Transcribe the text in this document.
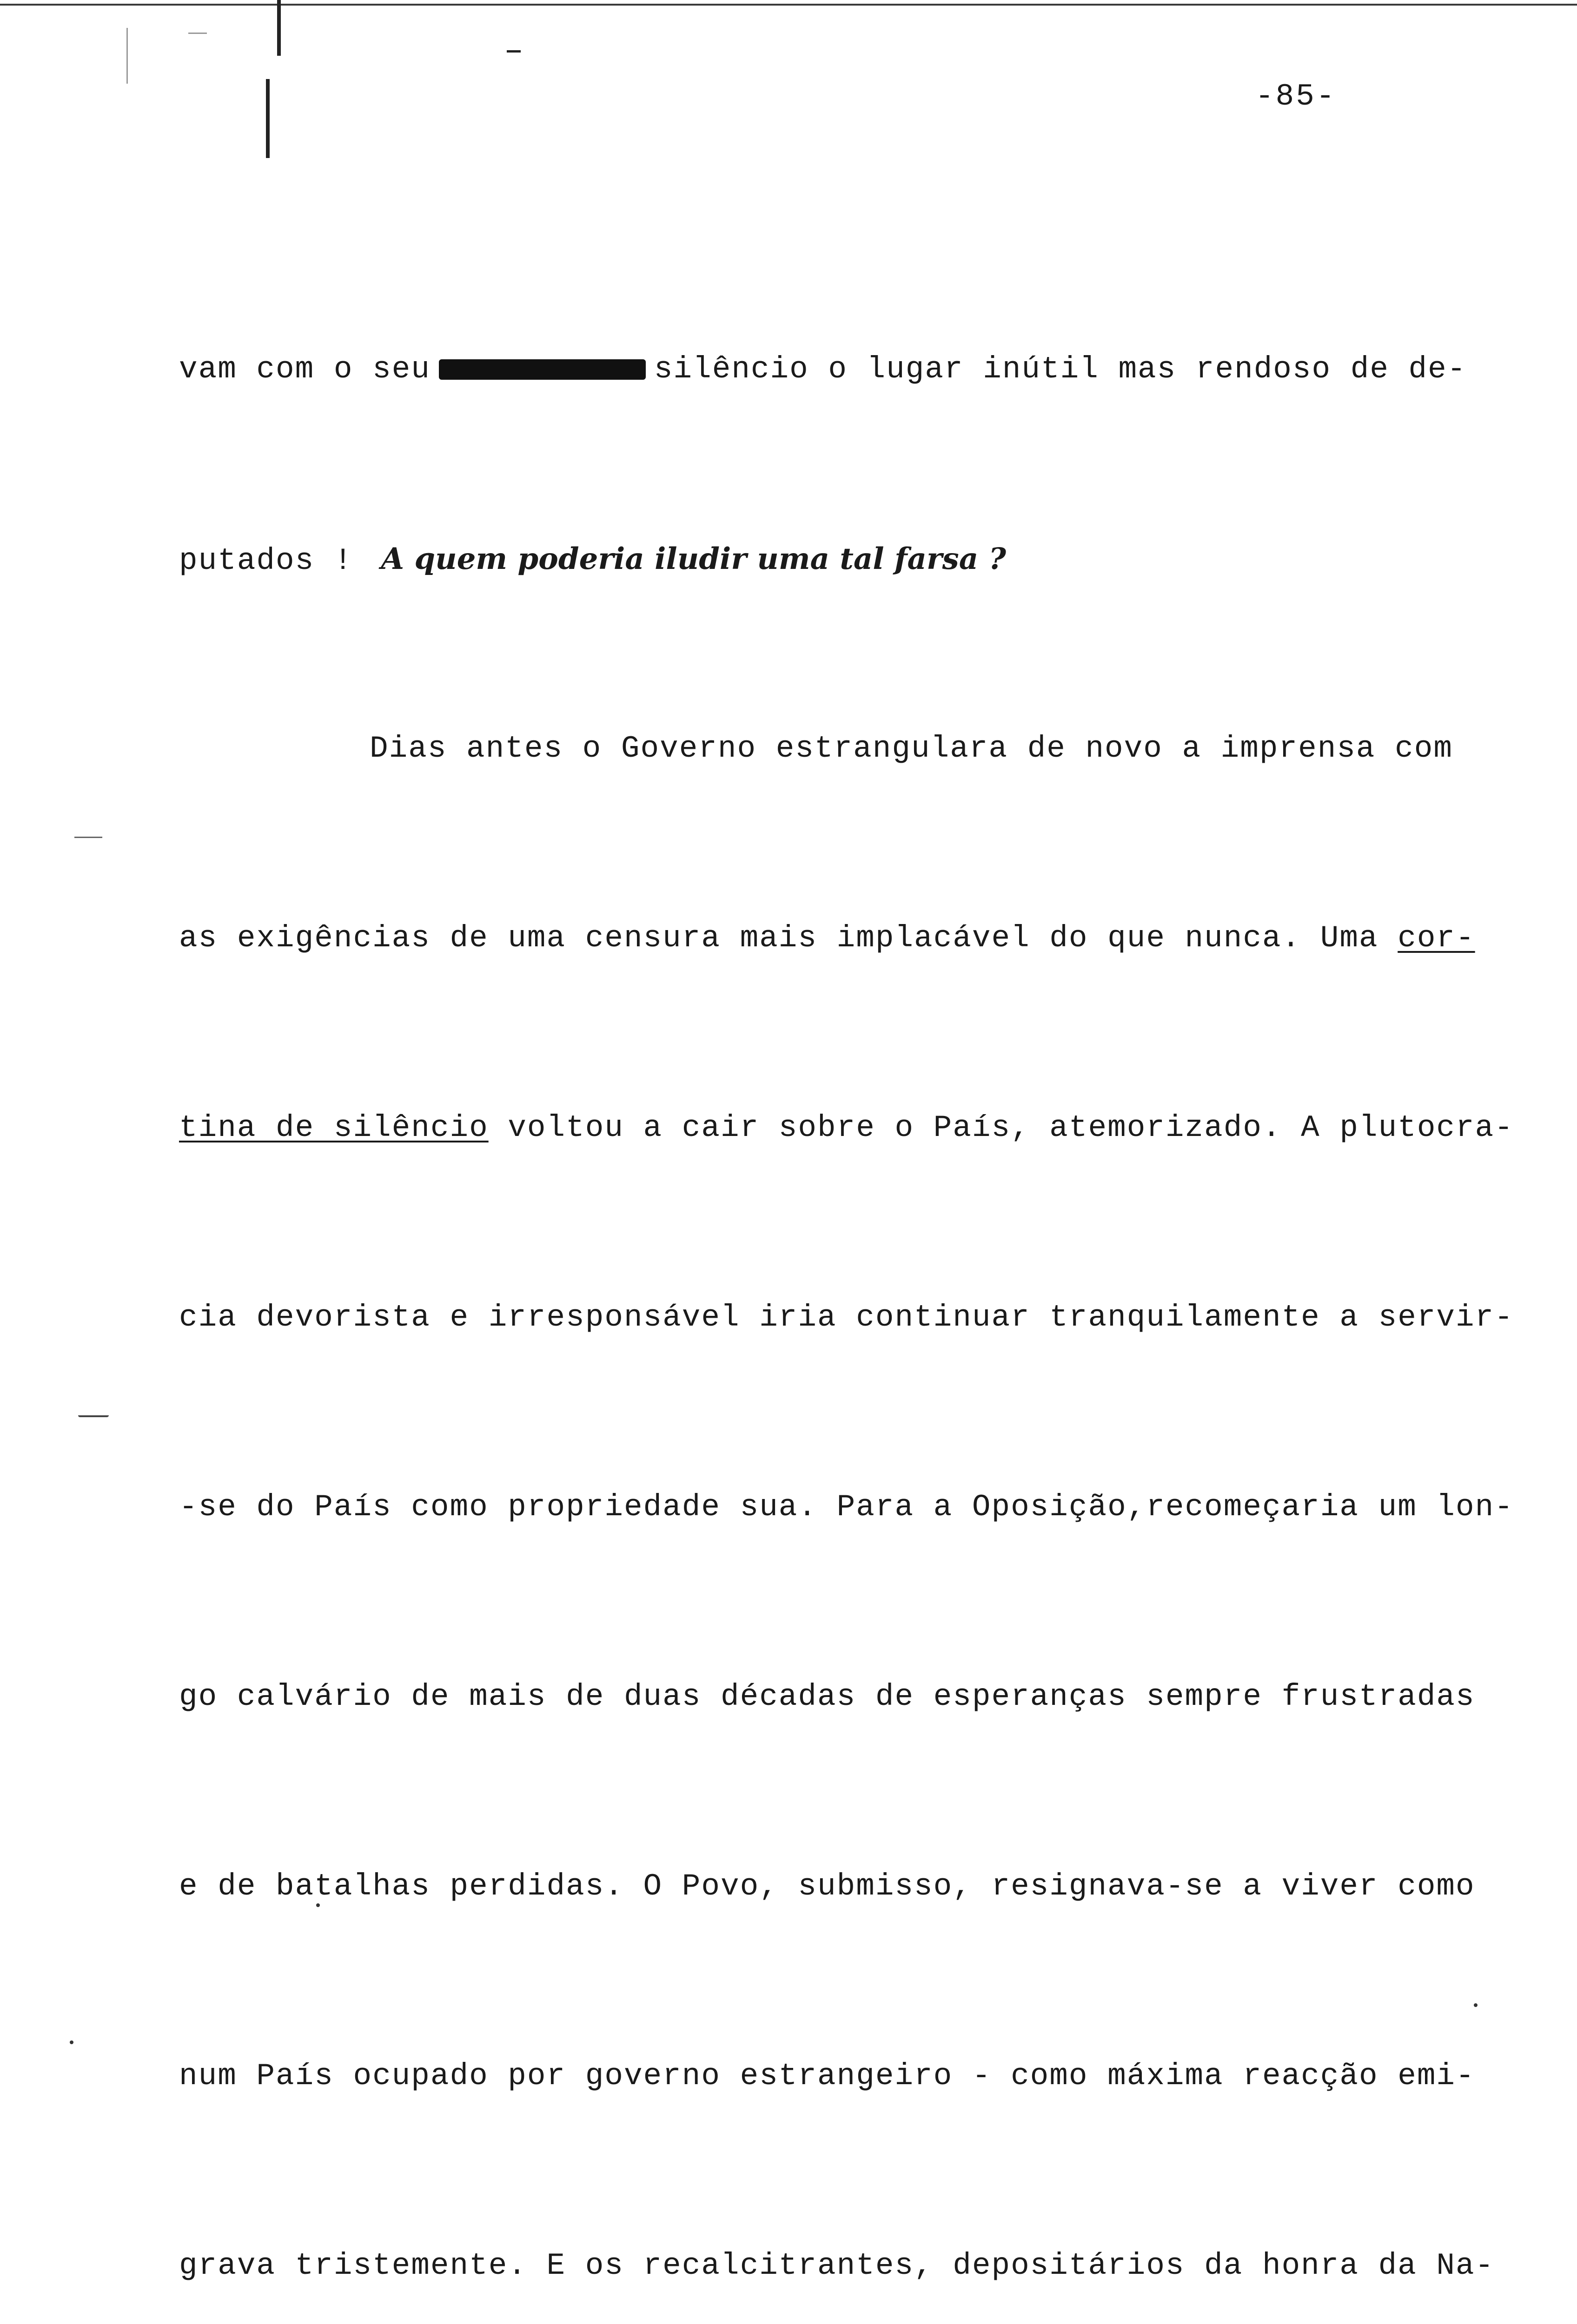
-85-

vam com o seu	silêncio o lugar inútil mas rendoso de de-

putados ! A quem poderia iludir uma tal farsa ?

Dias antes o Governo estrangulara de novo a imprensa com

as exigências de uma censura mais implacável do que nunca. Uma cor-

tina de silêncio voltou a cair sobre o País, atemorizado. A plutocra-

cia devorista e irresponsável iria continuar tranquilamente a servir-

-se do País como propriedade sua. Para a Oposição,recomeçaria um lon-

go calvário de mais de duas décadas de esperanças sempre frustradas

e de batalhas perdidas. O Povo, submisso, resignava-se a viver como

num País ocupado por governo estrangeiro - como máxima reacção emi-

grava tristemente. E os recalcitrantes, depositários da honra da Na-
